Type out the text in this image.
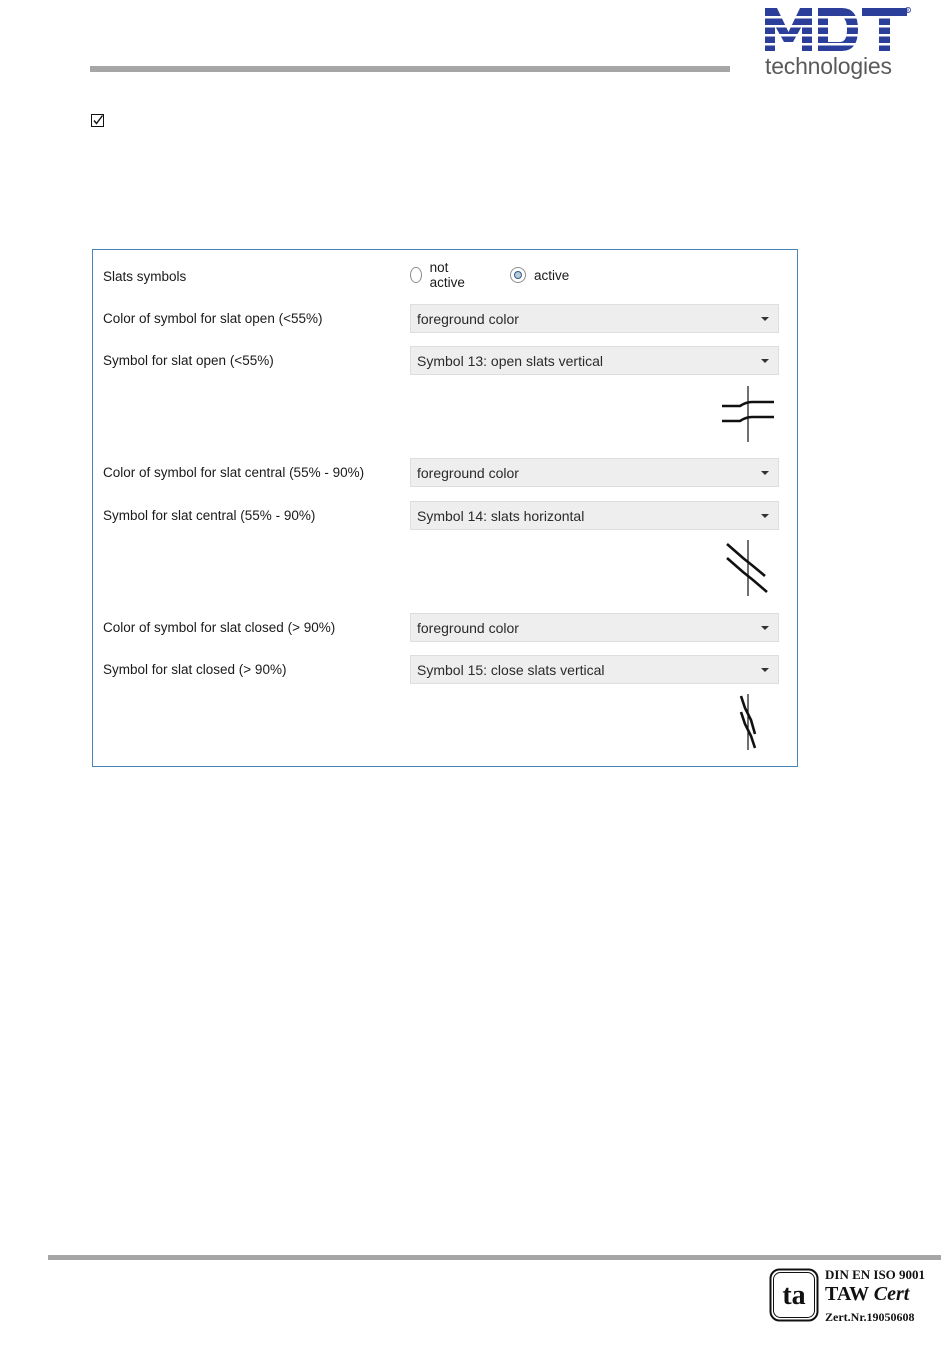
R
technologies
Slats symbols
not active	active
Color of symbol for slat open (<55%)	foreground color
Symbol for slat open (<55%)	Symbol 13: open slats vertical
Color of symbol for slat central (55% - 90%)	foreground color
Symbol for slat central (55% - 90%)	Symbol 14: slats horizontal
Color of symbol for slat closed (> 90%)	foreground color
Symbol for slat closed (> 90%)	Symbol 15: close slats vertical
ta
DIN EN ISO 9001
TAW Cert
Zert.Nr.19050608
